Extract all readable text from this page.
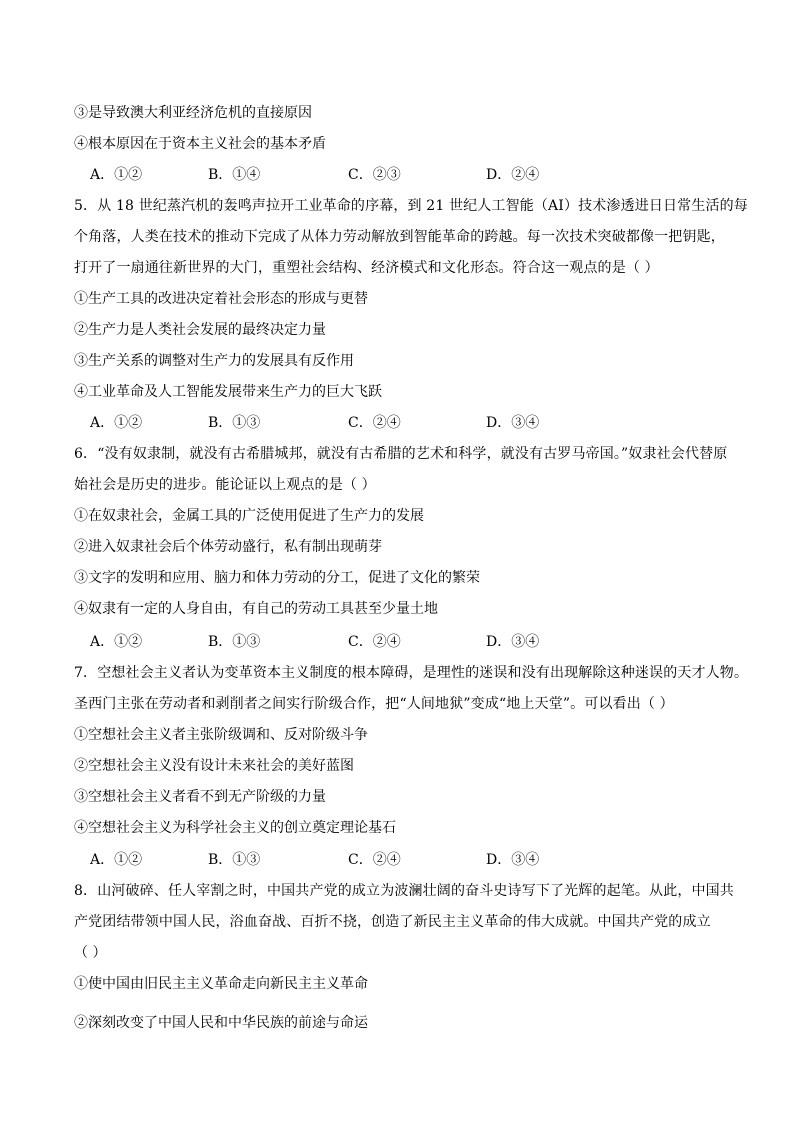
③是导致澳大利亚经济危机的直接原因
④根本原因在于资本主义社会的基本矛盾
A．①②	B．①④	C．②③	D．②④
5．从 18 世纪蒸汽机的轰鸣声拉开工业革命的序幕，到 21 世纪人工智能（AI）技术渗透进日日常生活的每
个角落，人类在技术的推动下完成了从体力劳动解放到智能革命的跨越。每一次技术突破都像一把钥匙，
打开了一扇通往新世界的大门，重塑社会结构、经济模式和文化形态。符合这一观点的是（ ）
①生产工具的改进决定着社会形态的形成与更替
②生产力是人类社会发展的最终决定力量
③生产关系的调整对生产力的发展具有反作用
④工业革命及人工智能发展带来生产力的巨大飞跃
A．①②	B．①③	C．②④	D．③④
6．“没有奴隶制，就没有古希腊城邦，就没有古希腊的艺术和科学，就没有古罗马帝国。”奴隶社会代替原
始社会是历史的进步。能论证以上观点的是（ ）
①在奴隶社会，金属工具的广泛使用促进了生产力的发展
②进入奴隶社会后个体劳动盛行，私有制出现萌芽
③文字的发明和应用、脑力和体力劳动的分工，促进了文化的繁荣
④奴隶有一定的人身自由，有自己的劳动工具甚至少量土地
A．①②	B．①③	C．②④	D．③④
7．空想社会主义者认为变革资本主义制度的根本障碍，是理性的迷误和没有出现解除这种迷误的天才人物。
圣西门主张在劳动者和剥削者之间实行阶级合作，把“人间地狱”变成“地上天堂”。可以看出（ ）
①空想社会主义者主张阶级调和、反对阶级斗争
②空想社会主义没有设计未来社会的美好蓝图
③空想社会主义者看不到无产阶级的力量
④空想社会主义为科学社会主义的创立奠定理论基石
A．①②	B．①③	C．②④	D．③④
8．山河破碎、任人宰割之时，中国共产党的成立为波澜壮阔的奋斗史诗写下了光辉的起笔。从此，中国共
产党团结带领中国人民，浴血奋战、百折不挠，创造了新民主主义革命的伟大成就。中国共产党的成立
（ ）
①使中国由旧民主主义革命走向新民主主义革命
②深刻改变了中国人民和中华民族的前途与命运
